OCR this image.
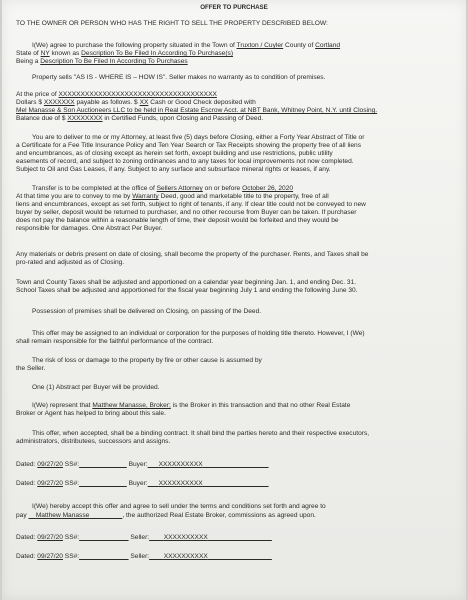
OFFER TO PURCHASE
TO THE OWNER OR PERSON WHO HAS THE RIGHT TO SELL THE PROPERTY DESCRIBED BELOW:
I(We) agree to purchase the following property situated in the Town of Truxton / Cuyler County of Cortland
State of NY known as Description To Be Filed In According To Purchase(s)
Being a Description To Be Filed In According To Purchases
Property sells "AS IS - WHERE IS – HOW IS". Seller makes no warranty as to condition of premises.
At the price of XXXXXXXXXXXXXXXXXXXXXXXXXXXXXXXXXXXX
Dollars $ XXXXXXX payable as follows. $ XX Cash or Good Check deposited with
Mel Manasse & Son Auctioneers LLC to be held in Real Estate Escrow Acct. at NBT Bank, Whitney Point, N.Y. until Closing.
Balance due of $ XXXXXXXX in Certified Funds, upon Closing and Passing of Deed.
You are to deliver to me or my Attorney, at least five (5) days before Closing, either a Forty Year Abstract of Title or
a Certificate for a Fee Title Insurance Policy and Ten Year Search or Tax Receipts showing the property free of all liens
and encumbrances, as of closing except as herein set forth, except building and use restrictions, public utility
easements of record, and subject to zoning ordinances and to any taxes for local improvements not now completed.
Subject to Oil and Gas Leases, if any. Subject to any surface and subsurface mineral rights or leases, if any.
Transfer is to be completed at the office of Sellers Attorney on or before October 26, 2020
At that time you are to convey to me by Warranty Deed, good and marketable title to the property, free of all
liens and encumbrances, except as set forth, subject to right of tenants, if any. If clear title could not be conveyed to new
buyer by seller, deposit would be returned to purchaser, and no other recourse from Buyer can be taken. If purchaser
does not pay the balance within a reasonable length of time, their deposit would be forfeited and they would be
responsible for damages. One Abstract Per Buyer.
Any materials or debris present on date of closing, shall become the property of the purchaser. Rents, and Taxes shall be
pro-rated and adjusted as of Closing.
Town and County Taxes shall be adjusted and apportioned on a calendar year beginning Jan. 1, and ending Dec. 31.
School Taxes shall be adjusted and apportioned for the fiscal year beginning July 1 and ending the following June 30.
Possession of premises shall be delivered on Closing, on passing of the Deed.
This offer may be assigned to an individual or corporation for the purposes of holding title thereto. However, I (We)
shall remain responsible for the faithful performance of the contract.
The risk of loss or damage to the property by fire or other cause is assumed by
the Seller.
One (1) Abstract per Buyer will be provided.
I(We) represent that Matthew Manasse, Broker; is the Broker in this transaction and that no other Real Estate
Broker or Agent has helped to bring about this sale.
This offer, when accepted, shall be a binding contract. It shall bind the parties hereto and their respective executors,
administrators, distributees, successors and assigns.
Dated: 09/27/20 SS#:	Buyer: XXXXXXXXXX
Dated: 09/27/20 SS#:	Buyer: XXXXXXXXXX
I(We) hereby accept this offer and agree to sell under the terms and conditions set forth and agree to
pay Matthew Manasse	, the authorized Real Estate Broker, commissions as agreed upon.
Dated: 09/27/20 SS#:	Seller: XXXXXXXXXX
Dated: 09/27/20 SS#:	Seller: XXXXXXXXXX
